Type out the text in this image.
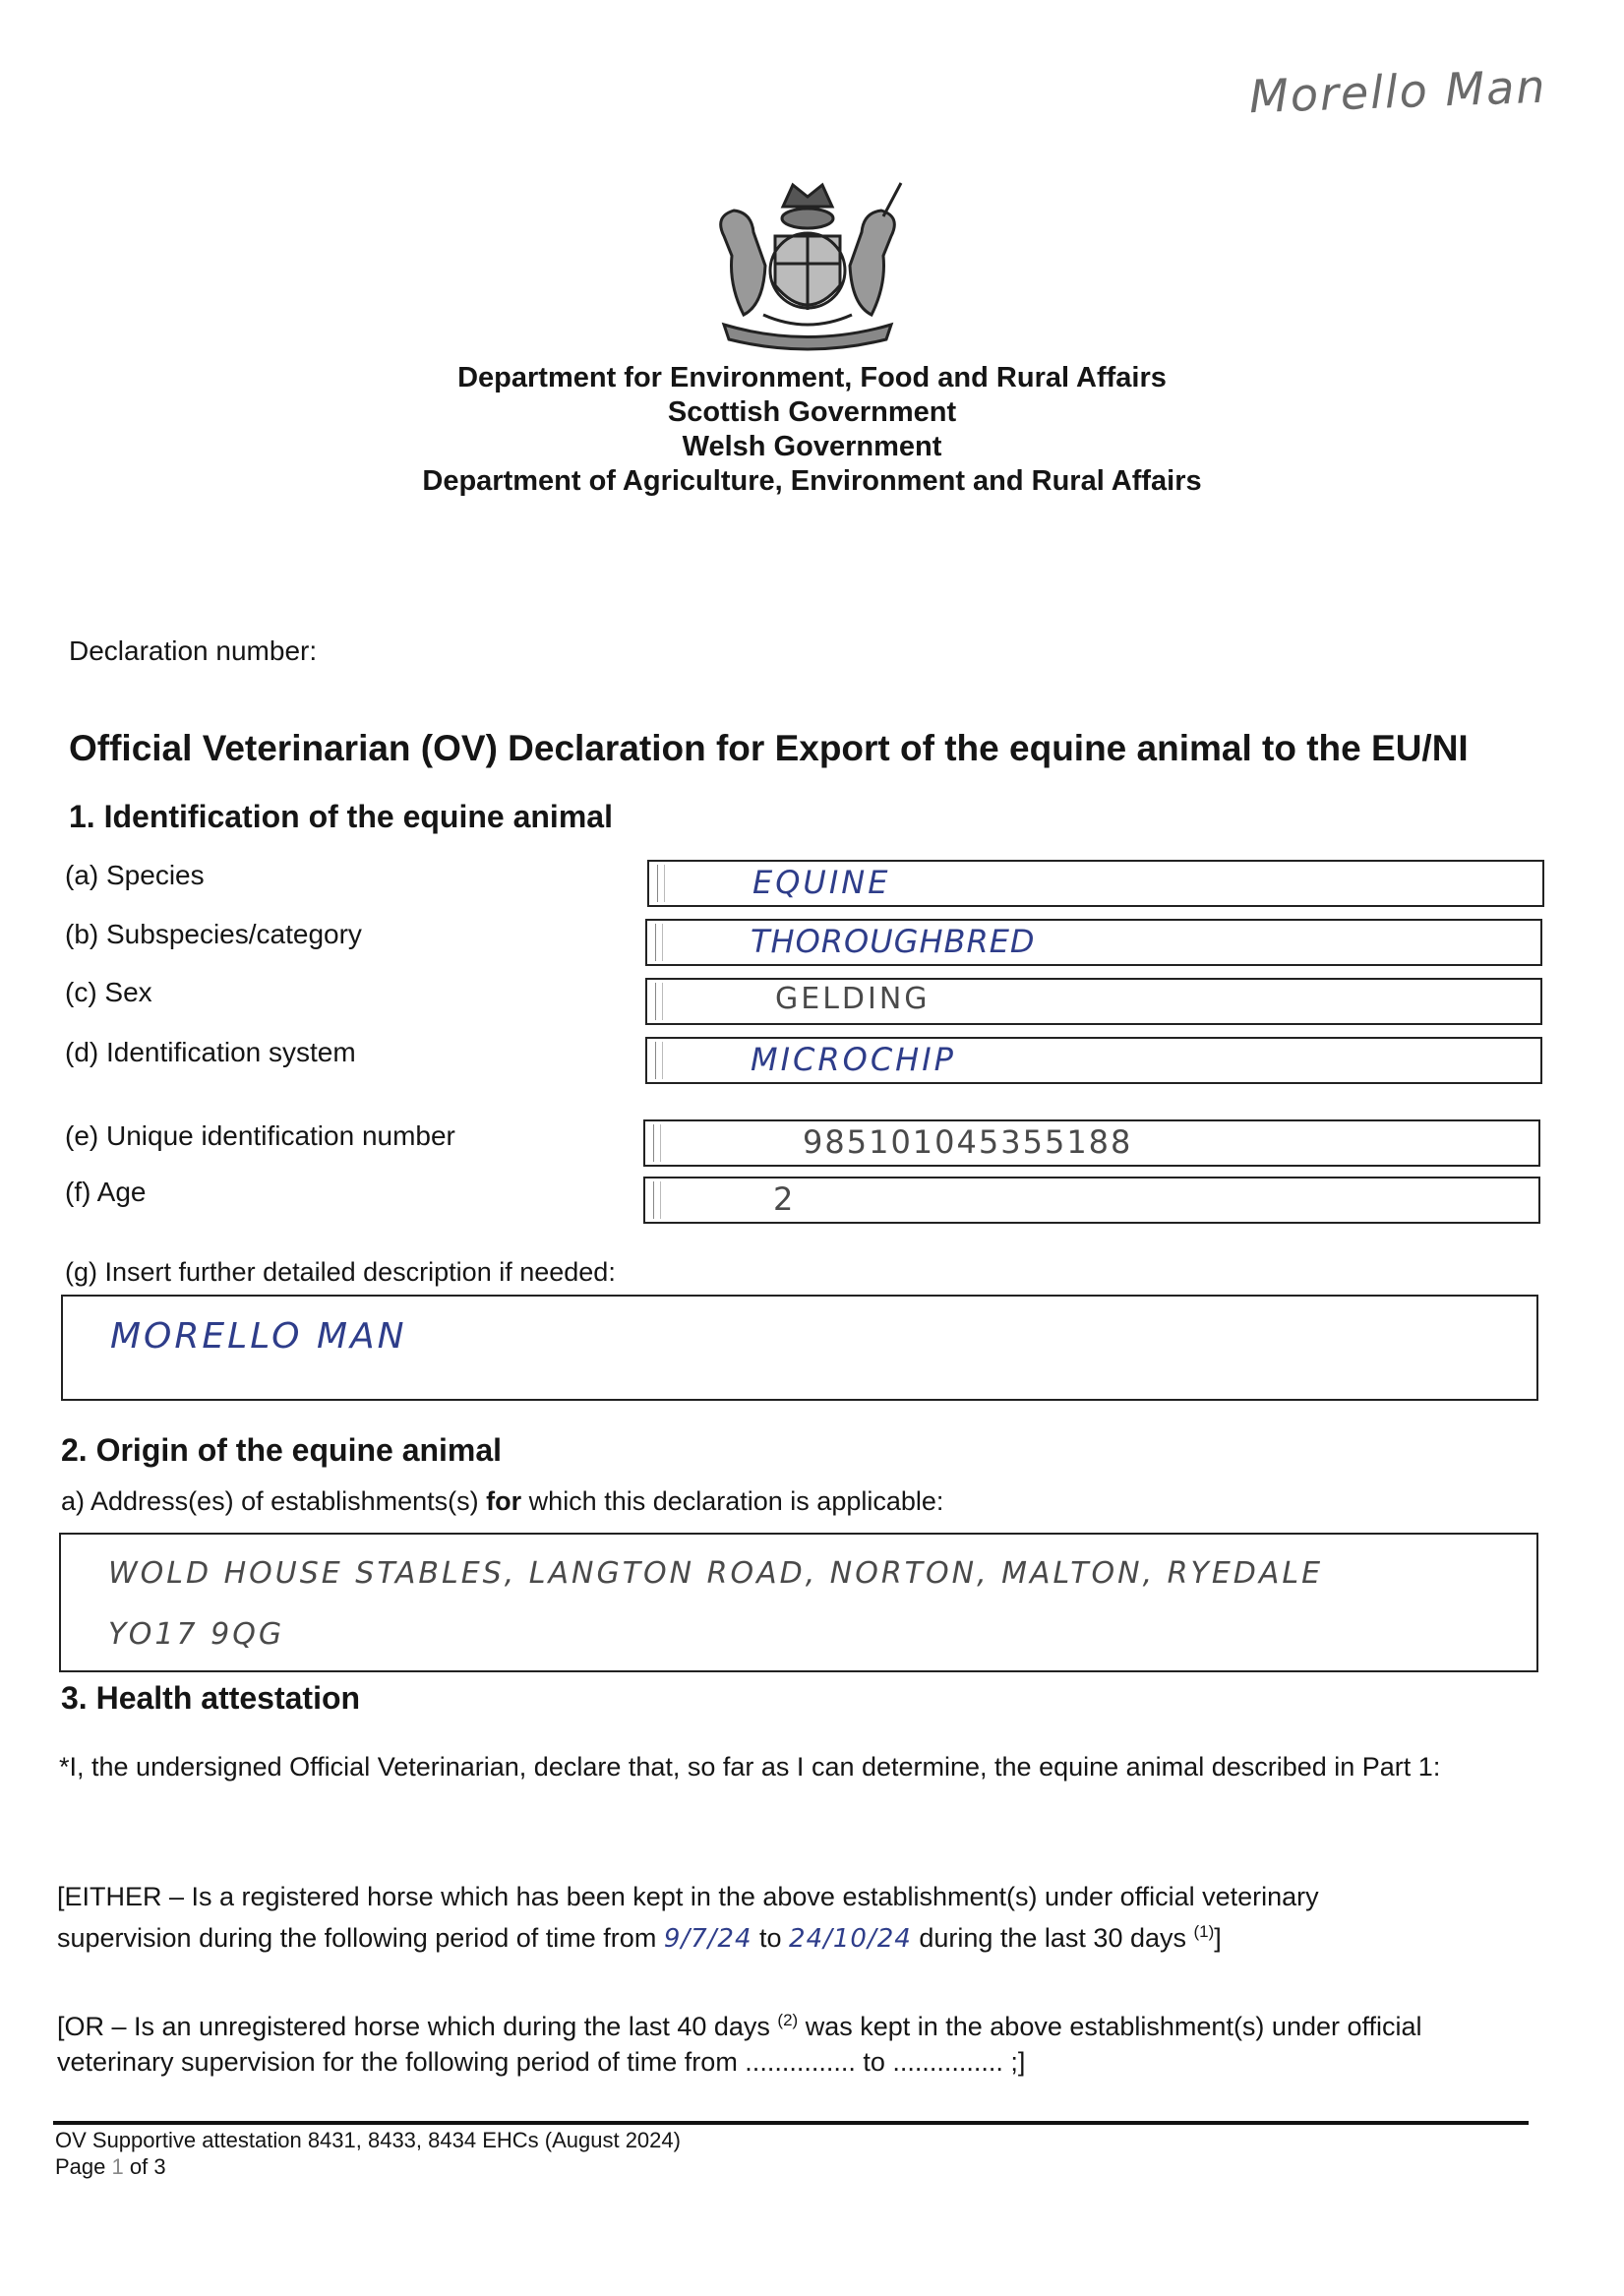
Morello Man
Department for Environment, Food and Rural Affairs
Scottish Government
Welsh Government
Department of Agriculture, Environment and Rural Affairs
Declaration number:
Official Veterinarian (OV) Declaration for Export of the equine animal to the EU/NI
1. Identification of the equine animal
(a) Species	EQUINE
(b) Subspecies/category	THOROUGHBRED
(c) Sex	GELDING
(d) Identification system	MICROCHIP
(e) Unique identification number	985101045355188
(f) Age	2
(g) Insert further detailed description if needed:
MORELLO MAN
2. Origin of the equine animal
a) Address(es) of establishments(s) for which this declaration is applicable:
WOLD HOUSE STABLES, LANGTON ROAD, NORTON, MALTON, RYEDALE
YO17 9QG
3. Health attestation
*I, the undersigned Official Veterinarian, declare that, so far as I can determine, the equine animal described in Part 1:
[EITHER – Is a registered horse which has been kept in the above establishment(s) under official veterinary
supervision during the following period of time from 9/7/24 to 24/10/24 during the last 30 days $^{(1)}$]
[OR – Is an unregistered horse which during the last 40 days $^{(2)}$ was kept in the above establishment(s) under official
veterinary supervision for the following period of time from ............... to ............... ;]
OV Supportive attestation 8431, 8433, 8434 EHCs (August 2024)
Page 1 of 3
